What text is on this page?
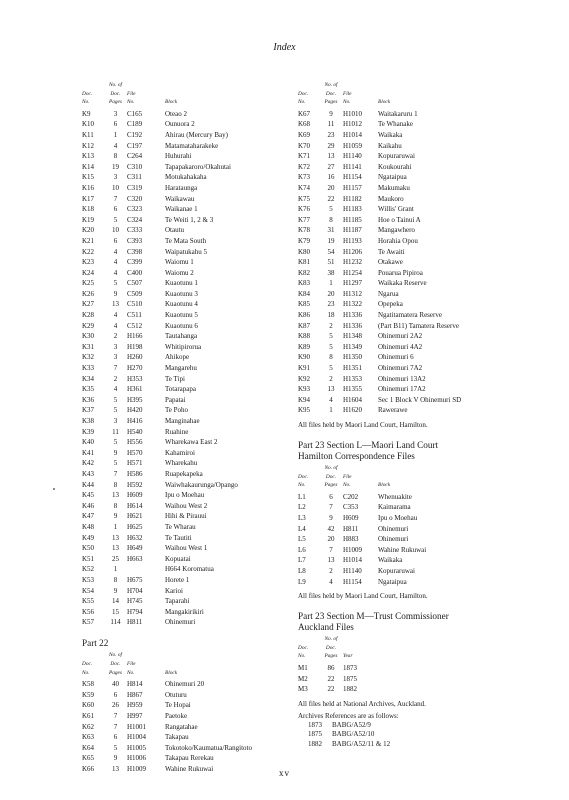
Index
	No. of		
Doc.	Doc.	File	
No.	Pages	No.	Block
K9	3	C165	Oteao 2
K10	6	C189	Ounuora 2
K11	1	C192	Ahirau (Mercury Bay)
K12	4	C197	Matamataharakeke
K13	8	C264	Huhurahi
K14	19	C310	Tapapakaroro/Okahutai
K15	3	C311	Motukahakaha
K16	10	C319	Harataunga
K17	7	C320	Waikawau
K18	6	C323	Waikanae 1
K19	5	C324	Te Weiti 1, 2 & 3
K20	10	C333	Otautu
K21	6	C393	Te Mata South
K22	4	C398	Waipatukahu 5
K23	4	C399	Waiomu 1
K24	4	C400	Waiomu 2
K25	5	C507	Kuaotunu 1
K26	9	C509	Kuaotunu 3
K27	13	C510	Kuaotunu 4
K28	4	C511	Kuaotunu 5
K29	4	C512	Kuaotunu 6
K30	2	H166	Tautahanga
K31	3	H198	Whitipirorua
K32	3	H260	Ahikope
K33	7	H270	Mangarehu
K34	2	H353	Te Tipi
K35	4	H361	Totarapapa
K36	5	H395	Papatai
K37	5	H420	Te Poho
K38	3	H416	Manginahae
K39	11	H540	Ruahine
K40	5	H556	Wharekawa East 2
K41	9	H570	Kahamiroi
K42	5	H571	Wharekahu
K43	7	H586	Ruapekapeka
K44	8	H592	Waiwhakaurunga/Opango
K45	13	H609	Ipu o Moehau
K46	8	H614	Waihou West 2
K47	9	H621	Hihi & Pirauui
K48	1	H625	Te Wharau
K49	13	H632	Te Tautiti
K50	13	H649	Waihou West 1
K51	25	H663	Kopuatai
K52	1		H664 Koromatua
K53	8	H675	Horete 1
K54	9	H704	Karioi
K55	14	H745	Taparahi
K56	15	H794	Mangakirikiri
K57	114	H811	Ohinemuri
Part 22
	No. of		
Doc.	Doc.	File	
No.	Pages	No.	Block
K58	40	H814	Ohinemuri 20
K59	6	H867	Otuturu
K60	26	H959	Te Hopai
K61	7	H997	Paetoke
K62	7	H1001	Rangatahae
K63	6	H1004	Takapau
K64	5	H1005	Tokotoko/Kaumatua/Rangitoto
K65	9	H1006	Takapau Rerekau
K66	13	H1009	Wahine Rukuwai
	No. of		
Doc.	Doc.	File	
No.	Pages	No.	Block
K67	9	H1010	Waitakaruru 1
K68	11	H1012	Te Whanake
K69	23	H1014	Waikaka
K70	29	H1059	Kaikahu
K71	13	H1140	Kopuraruwai
K72	27	H1141	Koukourahi
K73	16	H1154	Ngataipua
K74	20	H1157	Makumaku
K75	22	H1182	Maukoro
K76	5	H1183	Willis' Grant
K77	8	H1185	Hoe o Tainui A
K78	31	H1187	Mangawhero
K79	19	H1193	Horahia Opou
K80	54	H1206	Te Awaiti
K81	51	H1232	Otakawe
K82	38	H1254	Pouarua Pipiroa
K83	1	H1297	Waikaka Reserve
K84	20	H1312	Ngarua
K85	23	H1322	Opepeka
K86	18	H1336	Ngatitamatera Reserve
K87	2	H1336	(Part B11) Tamatera Reserve
K88	5	H1348	Ohinemuri 2A2
K89	5	H1349	Ohinemuri 4A2
K90	8	H1350	Ohinemuri 6
K91	5	H1351	Ohinemuri 7A2
K92	2	H1353	Ohinemuri 13A2
K93	13	H1355	Ohinemuri 17A2
K94	4	H1604	Sec 1 Block V Ohinemuri SD
K95	1	H1620	Rawerawe
All files held by Maori Land Court, Hamilton.
Part 23 Section L—Maori Land Court
Hamilton Correspondence Files
	No. of		
Doc.	Doc.	File	
No.	Pages	No.	Block
L1	6	C202	Whenuakite
L2	7	C353	Kaimarama
L3	9	H609	Ipu o Moehau
L4	42	H811	Ohinemuri
L5	20	H883	Ohinemuri
L6	7	H1009	Wahine Rukuwai
L7	13	H1014	Waikaka
L8	2	H1140	Kopuraruwai
L9	4	H1154	Ngataipua
All files held by Maori Land Court, Hamilton.
Part 23 Section M—Trust Commissioner
Auckland Files
	No. of		
Doc.	Doc.		
No.	Pages	Year	
M1	86	1873	
M2	22	1875	
M3	22	1882	
All files held at National Archives, Auckland.
Archives References are as follows:
1873	BABG/A52/9
1875	BABG/A52/10
1882	BABG/A52/11 & 12
xv
